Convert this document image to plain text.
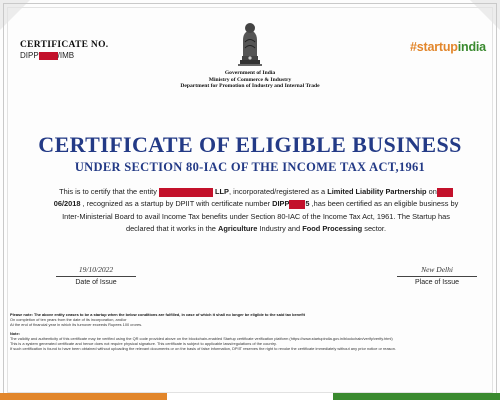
CERTIFICATE NO.
DIPP /IMB
Government of India
Ministry of Commerce & Industry
Department for Promotion of Industry and Internal Trade
#startupindia
CERTIFICATE OF ELIGIBLE BUSINESS
UNDER SECTION 80-IAC OF THE INCOME TAX ACT,1961
This is to certify that the entity	LLP, incorporated/registered as a Limited Liability Partnership on06/2018 , recognized as a startup by DPIIT with certificate number DIPP 5 ,has been certified as an eligible business by Inter-Ministerial Board to avail Income Tax benefits under Section 80-IAC of the Income Tax Act, 1961. The Startup has declared that it works in the Agriculture Industry and Food Processing sector.
19/10/2022
Date of Issue
New Delhi
Place of Issue
Please note: The above entity ceases to be a startup when the below conditions are fulfilled, in case of which it shall no longer be eligible to the said tax benefit
On completion of ten years from the date of its incorporation, and/or
At the end of financial year in which its turnover exceeds Rupees 100 crores.
Note:
The validity and authenticity of this certificate may be verified using the QR code provided above on the blockchain-enabled Startup certificate verification platform (https://www.startupindia.gov.in/blockchain/verify/verify.html)
This is a system generated certificate and hence does not require physical signature. This certificate is subject to applicable laws/regulations of the country.
If such certification is found to have been obtained without uploading the relevant documents or on the basis of false information, DPIIT reserves the right to revoke the certificate immediately without any prior notice or reason.
